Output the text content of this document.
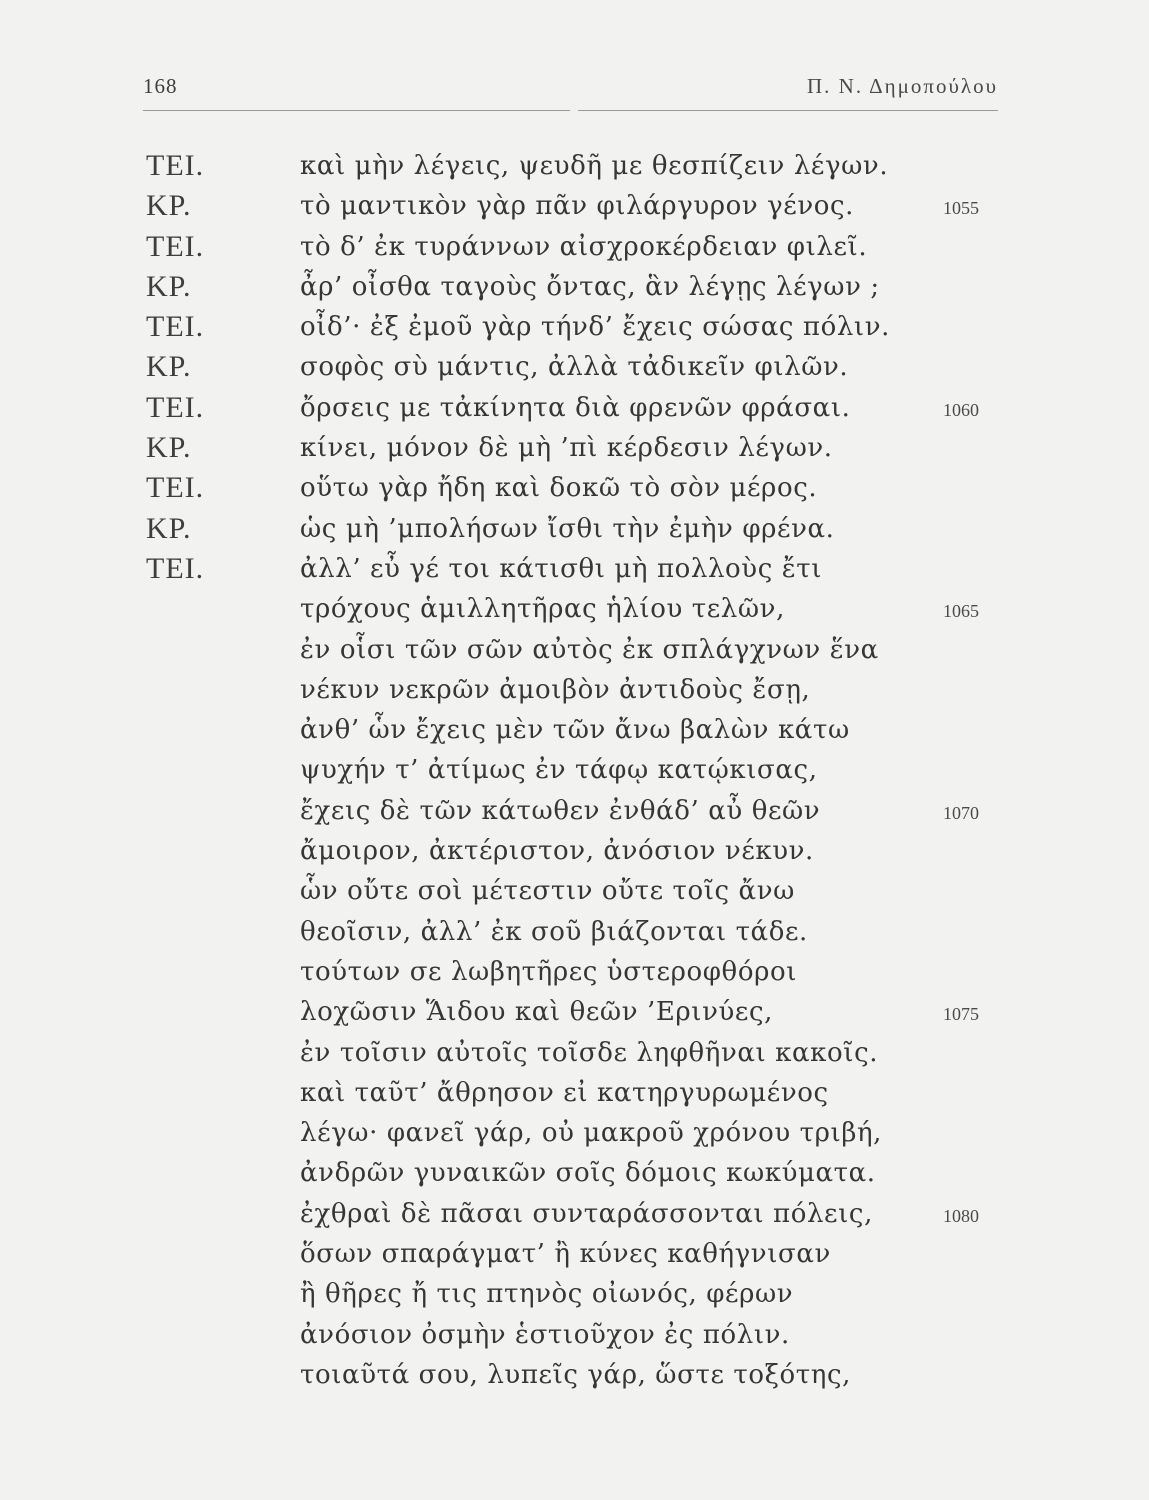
168	Π. Ν. Δημοπούλου
ΤΕΙ.	καὶ μὴν λέγεις, ψευδῆ με θεσπίζειν λέγων.
ΚΡ.	τὸ μαντικὸν γὰρ πᾶν φιλάργυρον γένος.	1055
ΤΕΙ.	τὸ δ’ ἐκ τυράννων αἰσχροκέρδειαν φιλεῖ.
ΚΡ.	ἆρ’ οἶσθα ταγοὺς ὄντας, ἃν λέγῃς λέγων ;
ΤΕΙ.	οἶδ’· ἐξ ἐμοῦ γὰρ τήνδ’ ἔχεις σώσας πόλιν.
ΚΡ.	σοφὸς σὺ μάντις, ἀλλὰ τἀδικεῖν φιλῶν.
ΤΕΙ.	ὄρσεις με τἀκίνητα διὰ φρενῶν φράσαι.	1060
ΚΡ.	κίνει, μόνον δὲ μὴ ’πὶ κέρδεσιν λέγων.
ΤΕΙ.	οὕτω γὰρ ἤδη καὶ δοκῶ τὸ σὸν μέρος.
ΚΡ.	ὡς μὴ ’μπολήσων ἴσθι τὴν ἐμὴν φρένα.
ΤΕΙ.	ἀλλ’ εὖ γέ τοι κάτισθι μὴ πολλοὺς ἔτι
τρόχους ἁμιλλητῆρας ἡλίου τελῶν,	1065
ἐν οἷσι τῶν σῶν αὐτὸς ἐκ σπλάγχνων ἕνα
νέκυν νεκρῶν ἀμοιβὸν ἀντιδοὺς ἔσῃ,
ἀνθ’ ὧν ἔχεις μὲν τῶν ἄνω βαλὼν κάτω
ψυχήν τ’ ἀτίμως ἐν τάφῳ κατῴκισας,
ἔχεις δὲ τῶν κάτωθεν ἐνθάδ’ αὖ θεῶν	1070
ἄμοιρον, ἀκτέριστον, ἀνόσιον νέκυν.
ὧν οὔτε σοὶ μέτεστιν οὔτε τοῖς ἄνω
θεοῖσιν, ἀλλ’ ἐκ σοῦ βιάζονται τάδε.
τούτων σε λωβητῆρες ὑστεροφθόροι
λοχῶσιν Ἅιδου καὶ θεῶν ’Ερινύες,	1075
ἐν τοῖσιν αὐτοῖς τοῖσδε ληφθῆναι κακοῖς.
καὶ ταῦτ’ ἄθρησον εἰ κατηργυρωμένος
λέγω· φανεῖ γάρ, οὐ μακροῦ χρόνου τριβή,
ἀνδρῶν γυναικῶν σοῖς δόμοις κωκύματα.
ἐχθραὶ δὲ πᾶσαι συνταράσσονται πόλεις,	1080
ὅσων σπαράγματ’ ἢ κύνες καθήγνισαν
ἢ θῆρες ἤ τις πτηνὸς οἰωνός, φέρων
ἀνόσιον ὀσμὴν ἑστιοῦχον ἐς πόλιν.
τοιαῦτά σου, λυπεῖς γάρ, ὥστε τοξότης,
